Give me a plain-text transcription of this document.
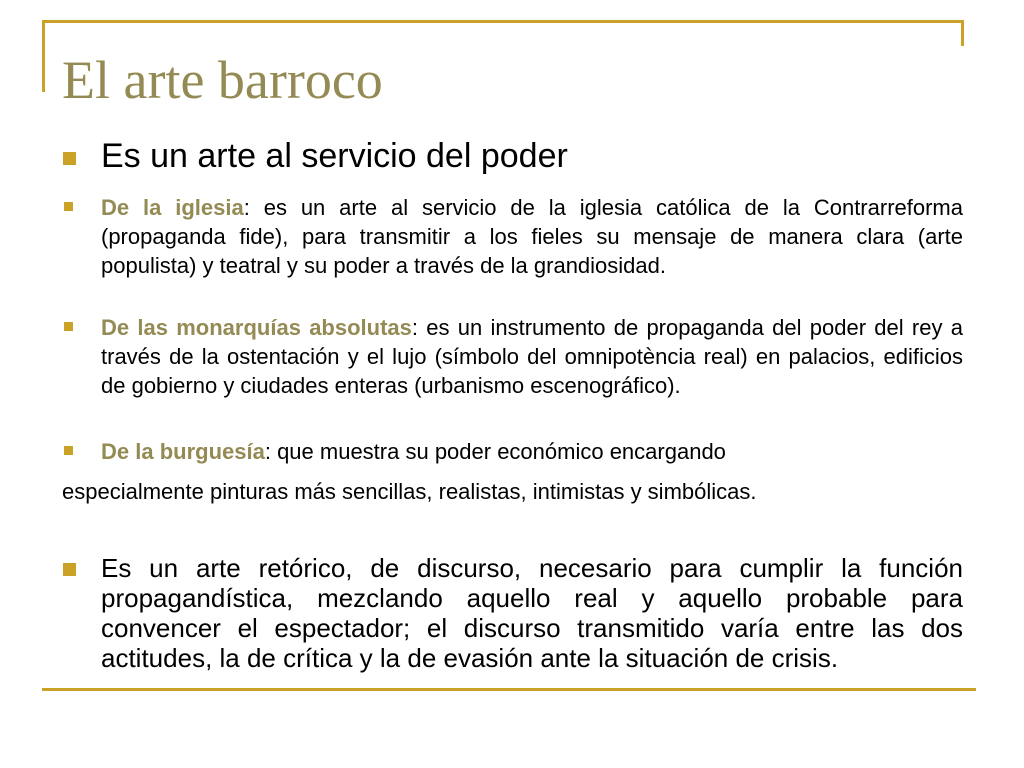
El arte barroco
Es un arte al servicio del poder
De la iglesia: es un arte al servicio de la iglesia católica de la Contrarreforma (propaganda fide), para transmitir a los fieles su mensaje de manera clara (arte populista) y teatral y su poder a través de la grandiosidad.
De las monarquías absolutas: es un instrumento de propaganda del poder del rey a través de la ostentación y el lujo (símbolo del omnipotència real) en palacios, edificios de gobierno y ciudades enteras (urbanismo escenográfico).
De la burguesía: que muestra su poder económico encargando
especialmente pinturas más sencillas, realistas, intimistas y simbólicas.
Es un arte retórico, de discurso, necesario para cumplir la función propagandística, mezclando aquello real y aquello probable para convencer el espectador; el discurso transmitido varía entre las dos actitudes, la de crítica y la de evasión ante la situación de crisis.
